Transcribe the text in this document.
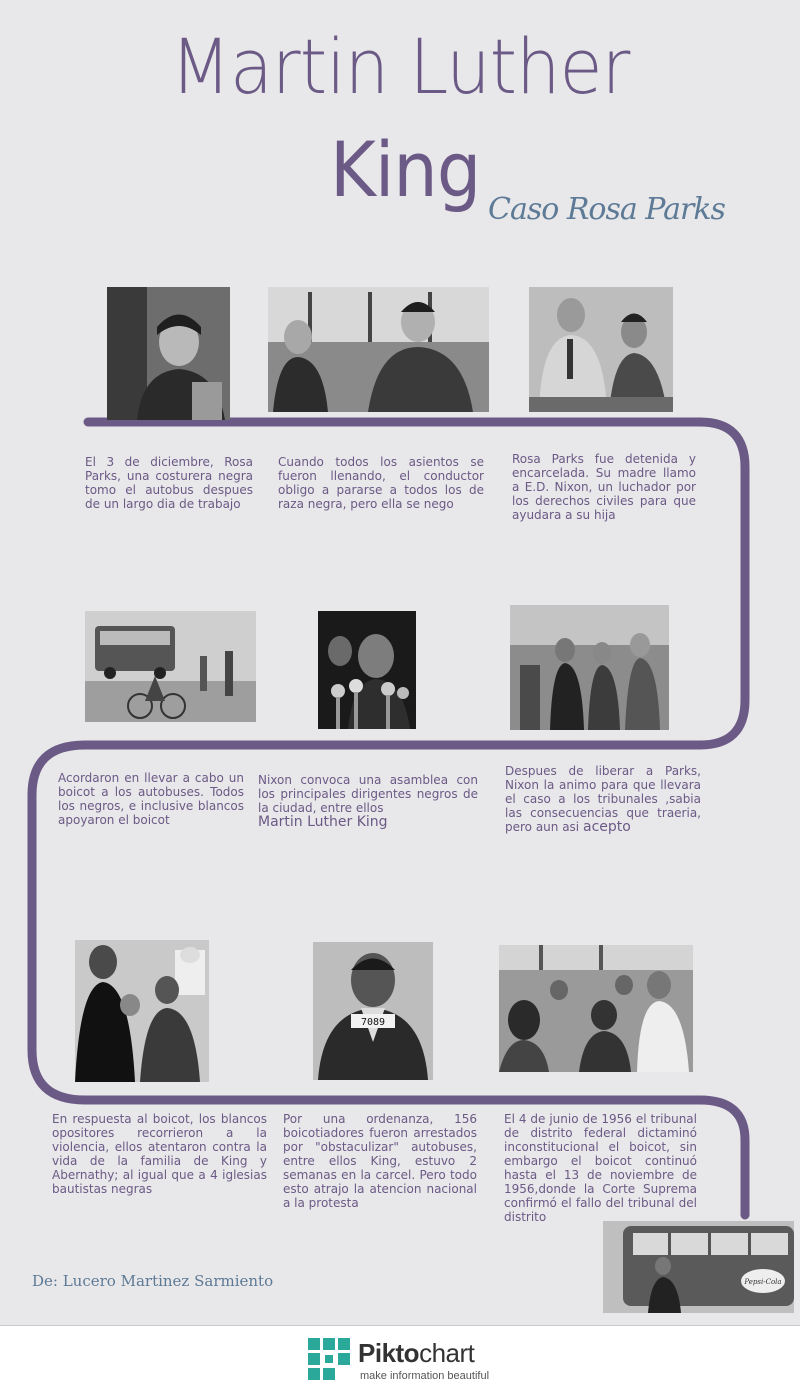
Martin Luther
King Caso Rosa Parks
El 3 de diciembre, Rosa Parks, una costurera negra tomo el autobus despues de un largo dia de trabajo
Cuando todos los asientos se fueron llenando, el conductor obligo a pararse a todos los de raza negra, pero ella se nego
Rosa Parks fue detenida y encarcelada. Su madre llamo a E.D. Nixon, un luchador por los derechos civiles para que ayudara a su hija
Acordaron en llevar a cabo un boicot a los autobuses. Todos los negros, e inclusive blancos apoyaron el boicot
Nixon convoca una asamblea con los principales dirigentes negros de la ciudad, entre ellos
Martin Luther King
Despues de liberar a Parks, Nixon la animo para que llevara el caso a los tribunales ,sabia las consecuencias que traeria, pero aun asi acepto
7089
En respuesta al boicot, los blancos opositores recorrieron a la violencia, ellos atentaron contra la vida de la familia de King y Abernathy; al igual que a 4 iglesias bautistas negras
Por una ordenanza, 156 boicotiadores fueron arrestados por "obstaculizar" autobuses, entre ellos King, estuvo 2 semanas en la carcel. Pero todo esto atrajo la atencion nacional a la protesta
El 4 de junio de 1956 el tribunal de distrito federal dictaminó inconstitucional el boicot, sin embargo el boicot continuó hasta el 13 de noviembre de 1956,donde la Corte Suprema confirmó el fallo del tribunal del distrito
Pepsi-Cola
De: Lucero Martinez Sarmiento
Piktochart
make information beautiful
